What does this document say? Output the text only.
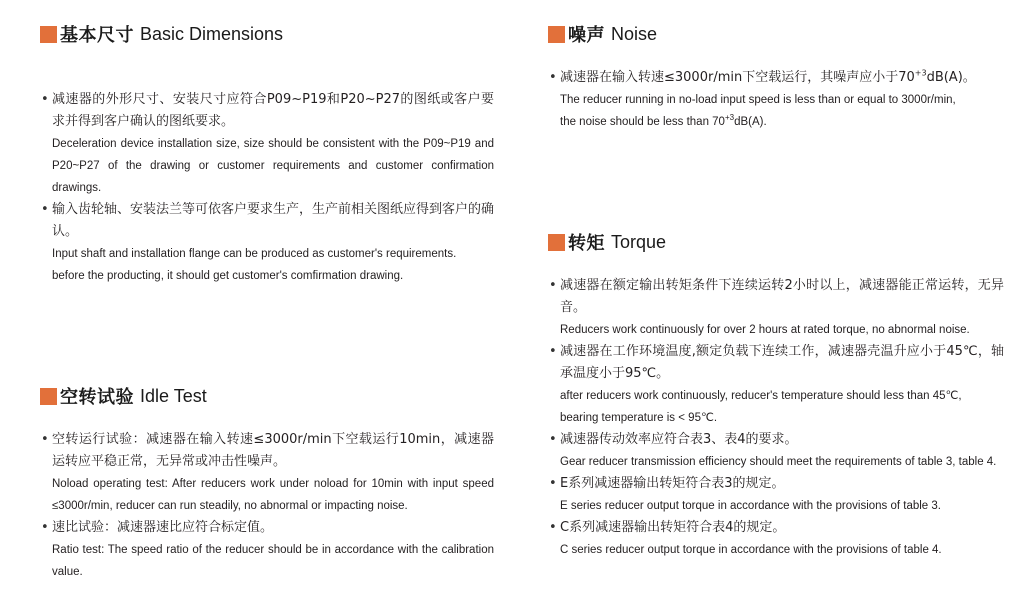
基本尺寸 Basic Dimensions
• 减速器的外形尺寸、安装尺寸应符合P09~P19和P20~P27的图纸或客户要求并得到客户确认的图纸要求。

Deceleration device installation size, size should be consistent with the P09~P19 and P20~P27 of the drawing or customer requirements and customer confirmation drawings.

• 输入齿轮轴、安装法兰等可依客户要求生产，生产前相关图纸应得到客户的确认。

Input shaft and installation flange can be produced as customer's requirements.

before the producting, it should get customer's comfirmation drawing.

空转试验 Idle Test
• 空转运行试验：减速器在输入转速≤3000r/min下空载运行10min，减速器运转应平稳正常，无异常或冲击性噪声。

Noload operating test: After reducers work under noload for 10min with input speed ≤3000r/min, reducer can run steadily, no abnormal or impacting noise.

• 速比试验：减速器速比应符合标定值。

Ratio test: The speed ratio of the reducer should be in accordance with the calibration value.

噪声 Noise
• 减速器在输入转速≤3000r/min下空载运行，其噪声应小于$70^{+3}dB(A)$。

The reducer running in no-load input speed is less than or equal to 3000r/min,

the noise should be less than $70^{+3}dB(A)$.

转矩 Torque
• 减速器在额定输出转矩条件下连续运转2小时以上，减速器能正常运转，无异音。

Reducers work continuously for over 2 hours at rated torque, no abnormal noise.

• 减速器在工作环境温度,额定负载下连续工作，减速器壳温升应小于45℃，轴承温度小于95℃。

after reducers work continuously, reducer's temperature should less than 45℃,

bearing temperature is < 95℃.

• 减速器传动效率应符合表3、表4的要求。

Gear reducer transmission efficiency should meet the requirements of table 3, table 4.

• E系列减速器输出转矩符合表3的规定。

E series reducer output torque in accordance with the provisions of table 3.

• C系列减速器输出转矩符合表4的规定。

C series reducer output torque in accordance with the provisions of table 4.
